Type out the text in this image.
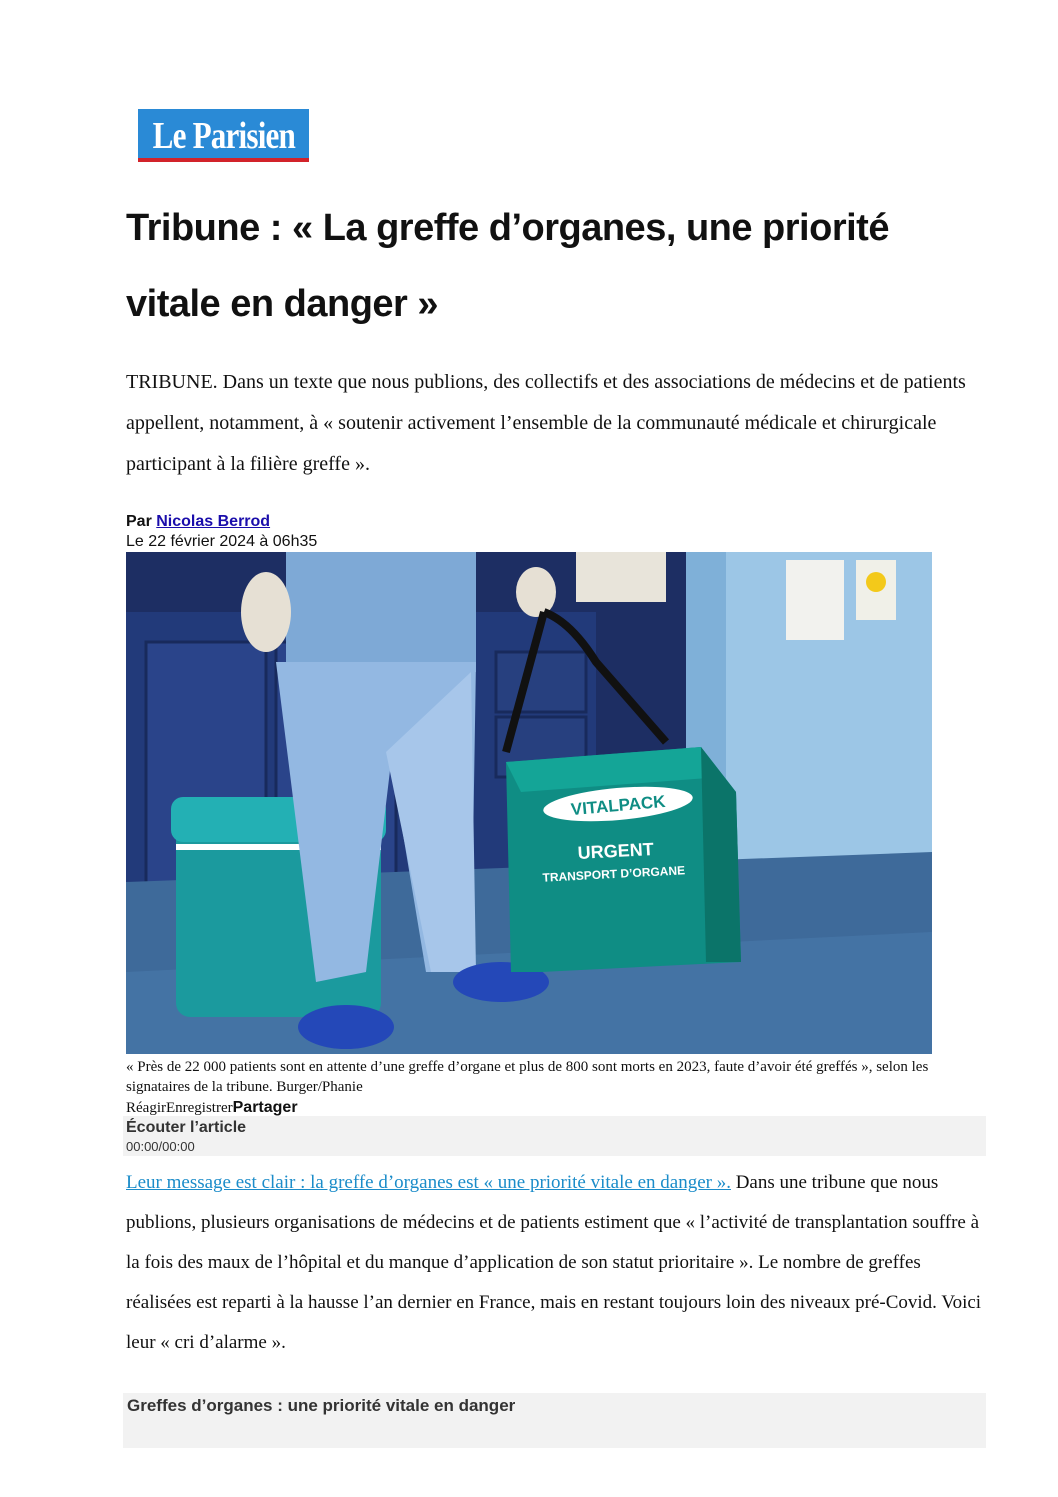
Le Parisien
Tribune : « La greffe d’organes, une priorité vitale en danger »

TRIBUNE. Dans un texte que nous publions, des collectifs et des associations de médecins et de patients appellent, notamment, à « soutenir activement l’ensemble de la communauté médicale et chirurgicale participant à la filière greffe ».

Par Nicolas Berrod
Le 22 février 2024 à 06h35
VITALPACK
URGENT
TRANSPORT D’ORGANE
« Près de 22 000 patients sont en attente d’une greffe d’organe et plus de 800 sont morts en 2023, faute d’avoir été greffés », selon les signataires de la tribune. Burger/Phanie
RéagirEnregistrerPartager
Écouter l’article
00:00/00:00

Leur message est clair : la greffe d’organes est « une priorité vitale en danger ». Dans une tribune que nous publions, plusieurs organisations de médecins et de patients estiment que « l’activité de transplantation souffre à la fois des maux de l’hôpital et du manque d’application de son statut prioritaire ». Le nombre de greffes réalisées est reparti à la hausse l’an dernier en France, mais en restant toujours loin des niveaux pré-Covid. Voici leur « cri d’alarme ».

Greffes d’organes : une priorité vitale en danger
